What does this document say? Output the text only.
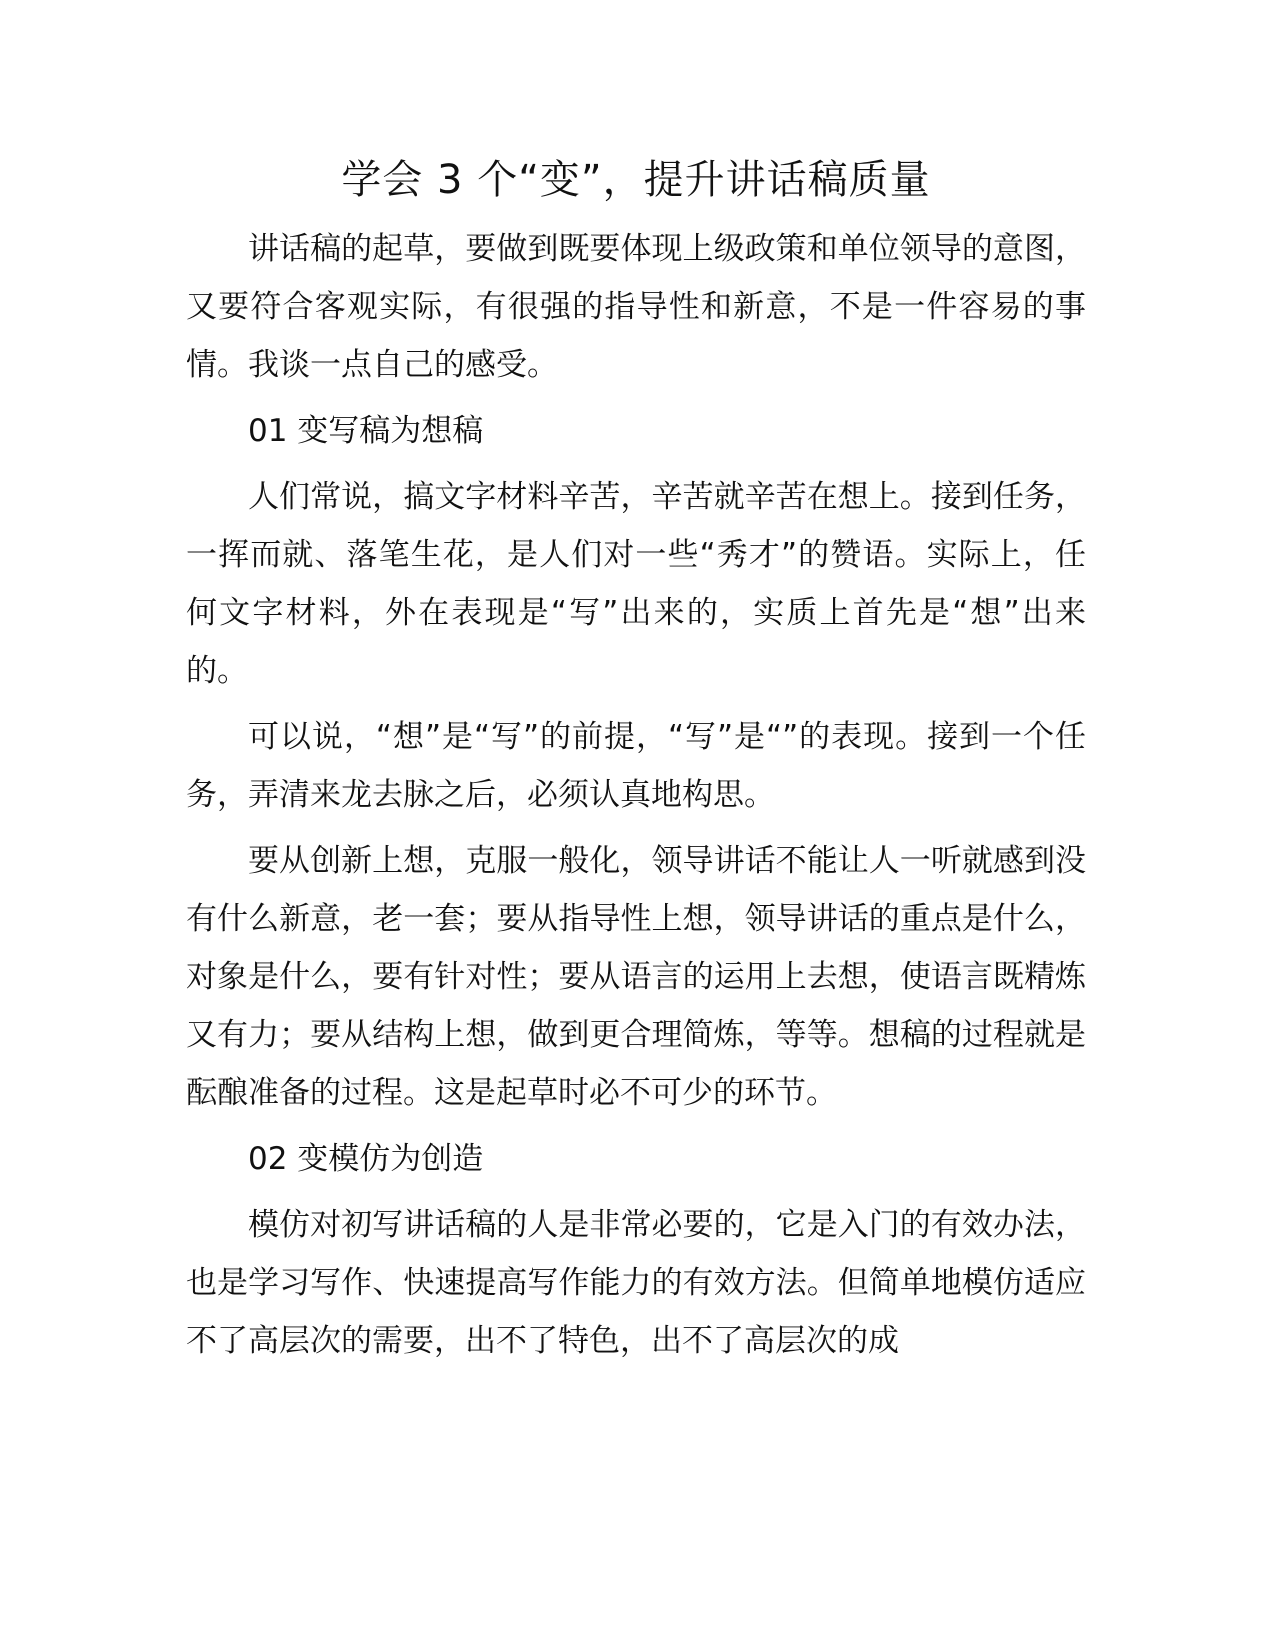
学会 3 个“变”，提升讲话稿质量

讲话稿的起草，要做到既要体现上级政策和单位领导的意图，又要符合客观实际，有很强的指导性和新意，不是一件容易的事情。我谈一点自己的感受。

01 变写稿为想稿

人们常说，搞文字材料辛苦，辛苦就辛苦在想上。接到任务，一挥而就、落笔生花，是人们对一些“秀才”的赞语。实际上，任何文字材料，外在表现是“写”出来的，实质上首先是“想”出来的。

可以说，“想”是“写”的前提，“写”是“”的表现。接到一个任务，弄清来龙去脉之后，必须认真地构思。

要从创新上想，克服一般化，领导讲话不能让人一听就感到没有什么新意，老一套；要从指导性上想，领导讲话的重点是什么，对象是什么，要有针对性；要从语言的运用上去想，使语言既精炼又有力；要从结构上想，做到更合理简炼，等等。想稿的过程就是酝酿准备的过程。这是起草时必不可少的环节。

02 变模仿为创造

模仿对初写讲话稿的人是非常必要的，它是入门的有效办法，也是学习写作、快速提高写作能力的有效方法。但简单地模仿适应不了高层次的需要，出不了特色，出不了高层次的成
